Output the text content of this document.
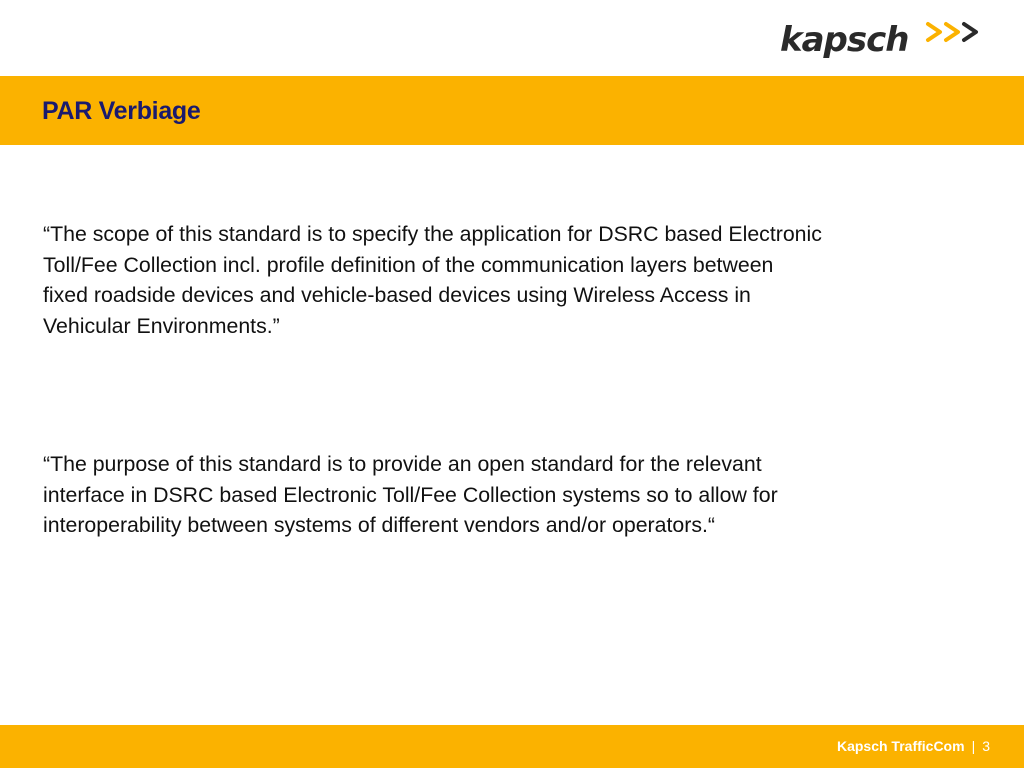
kapsch
PAR Verbiage
“The scope of this standard is to specify the application for DSRC based Electronic
Toll/Fee Collection incl. profile definition of the communication layers between
fixed roadside devices and vehicle-based devices using Wireless Access in
Vehicular Environments.”
“The purpose of this standard is to provide an open standard for the relevant
interface in DSRC based Electronic Toll/Fee Collection systems so to allow for
interoperability between systems of different vendors and/or operators.“
Kapsch TrafficCom | 3
